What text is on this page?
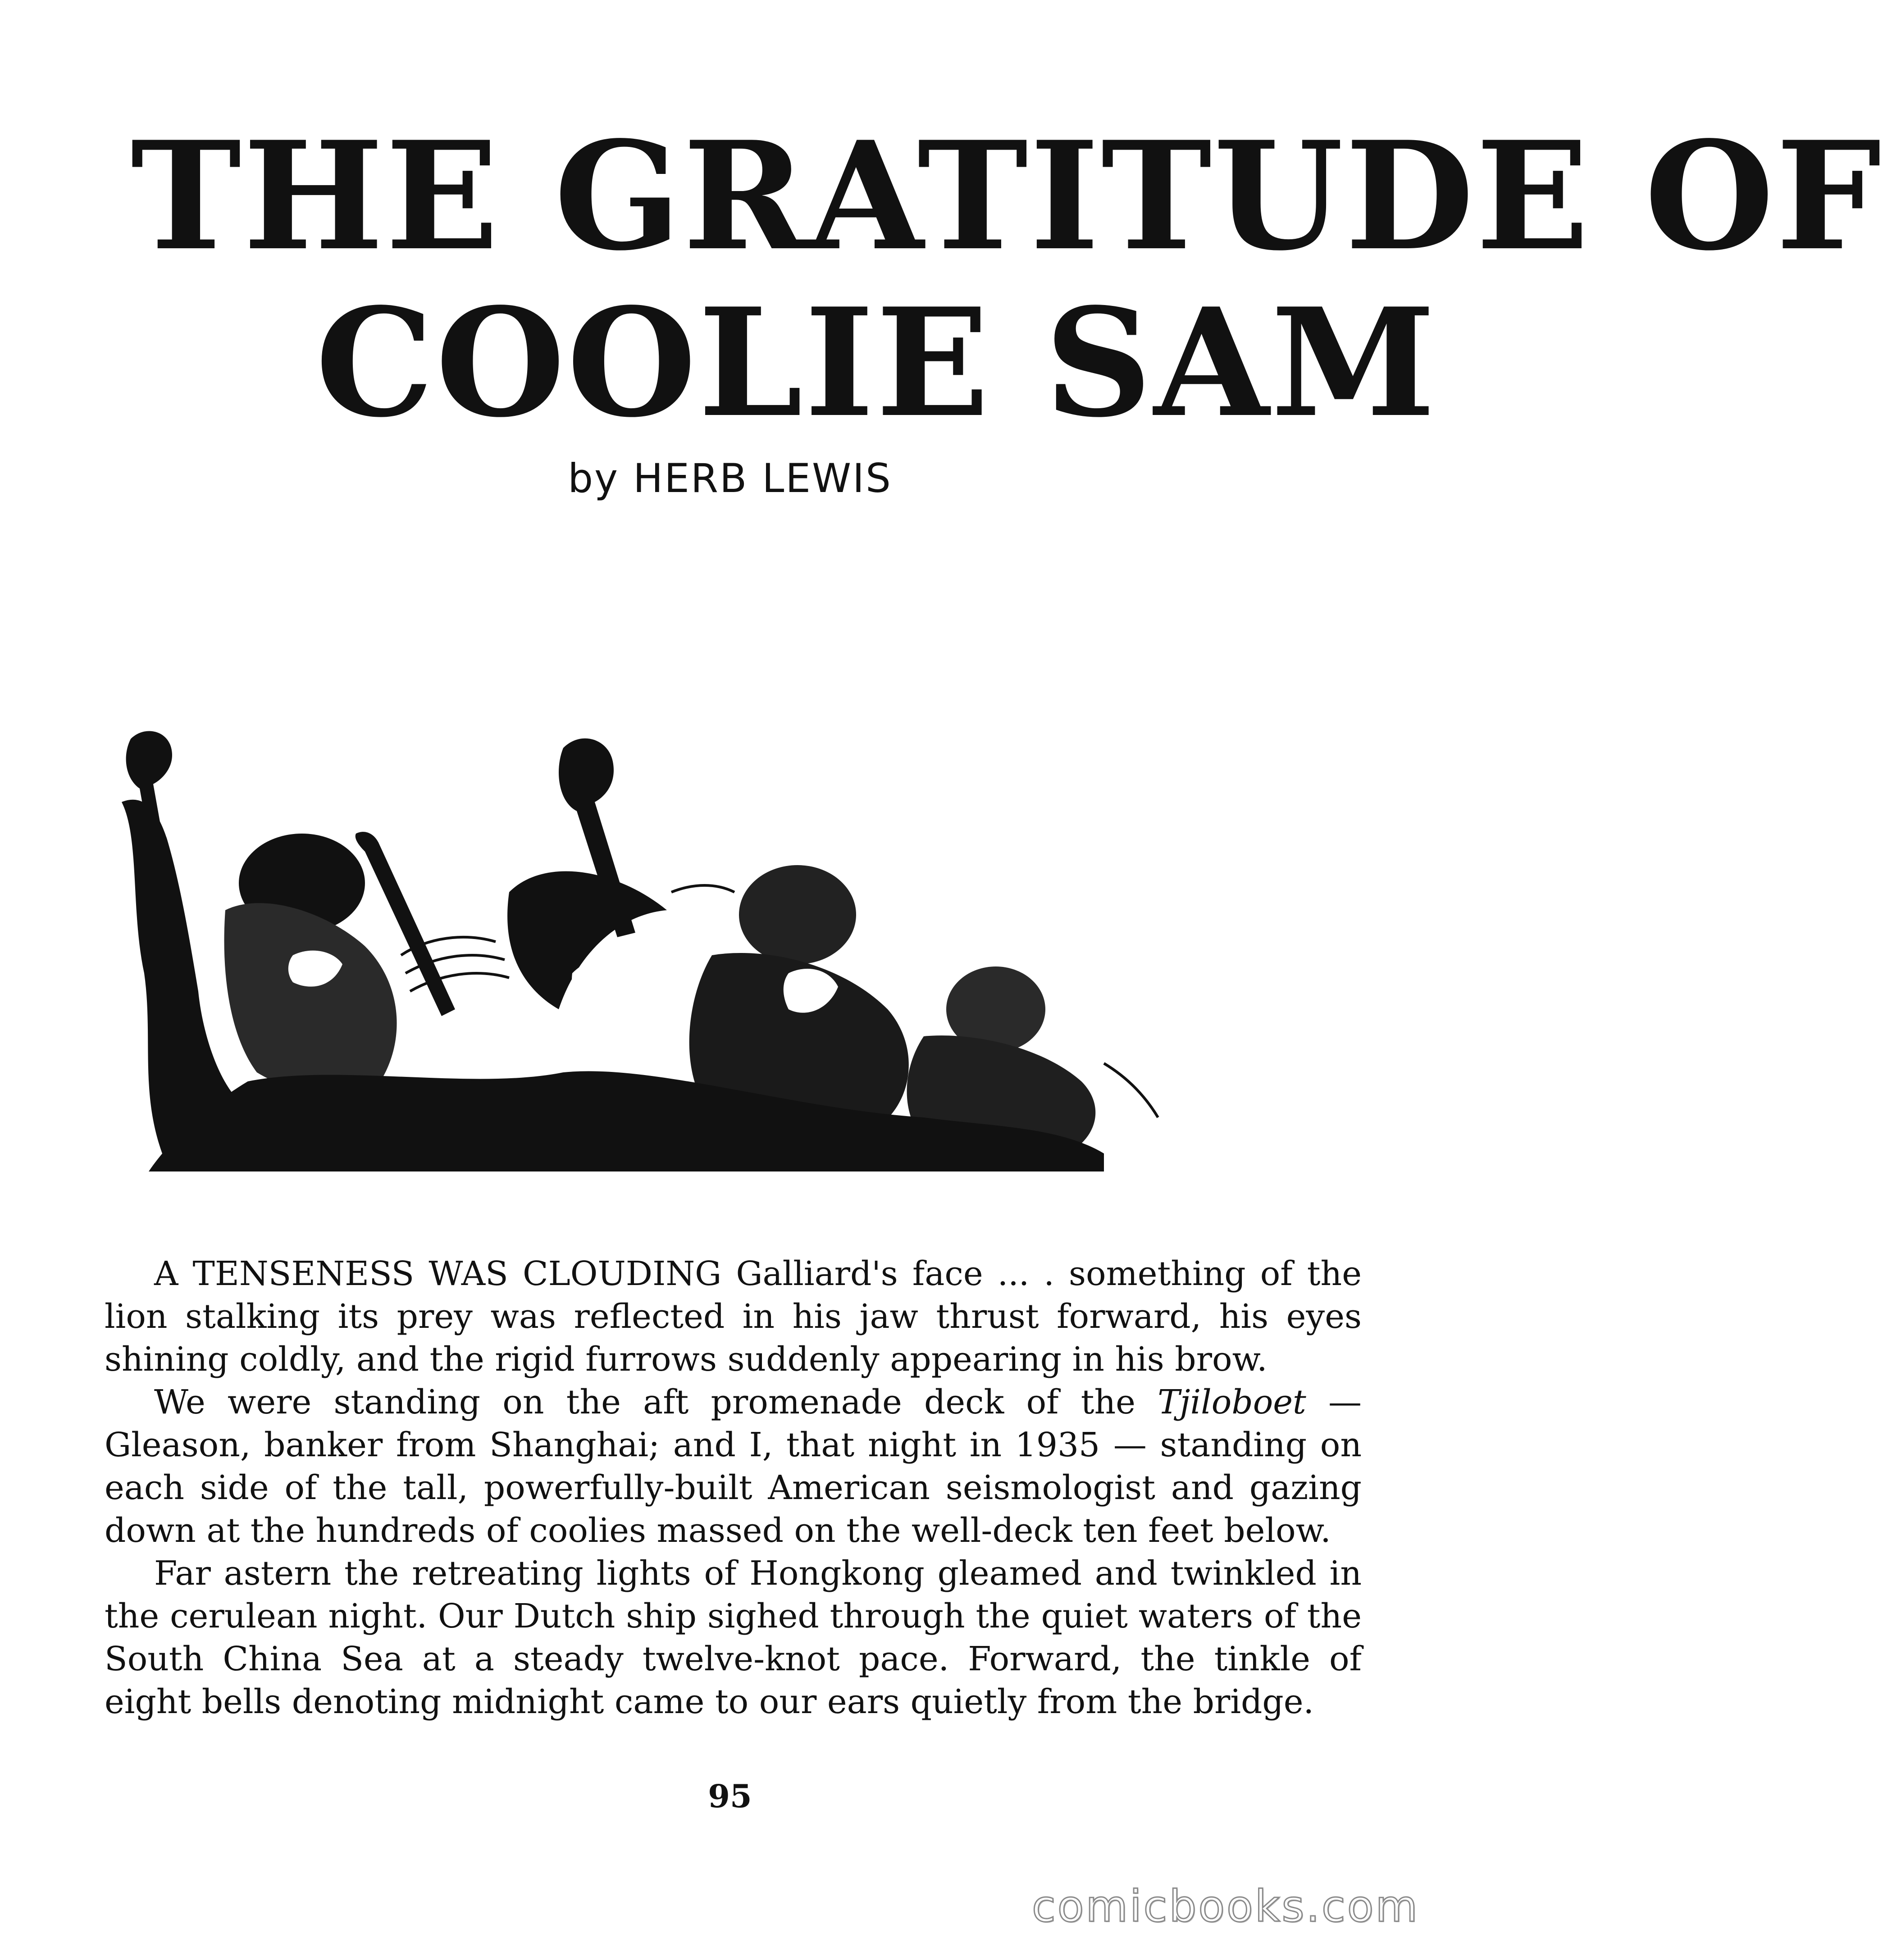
THE GRATITUDE OF
COOLIE SAM
by HERB LEWIS

A TENSENESS WAS CLOUDING Galliard's face ... . something of the lion stalking its prey was reflected in his jaw thrust forward, his eyes shining coldly, and the rigid furrows suddenly appearing in his brow.

We were standing on the aft promenade deck of the Tjiloboet — Gleason, banker from Shanghai; and I, that night in 1935 — standing on each side of the tall, powerfully-built American seismologist and gazing down at the hundreds of coolies massed on the well-deck ten feet below.

Far astern the retreating lights of Hongkong gleamed and twinkled in the cerulean night. Our Dutch ship sighed through the quiet waters of the South China Sea at a steady twelve-knot pace. Forward, the tinkle of eight bells denoting midnight came to our ears quietly from the bridge.

95
comicbooks.com
